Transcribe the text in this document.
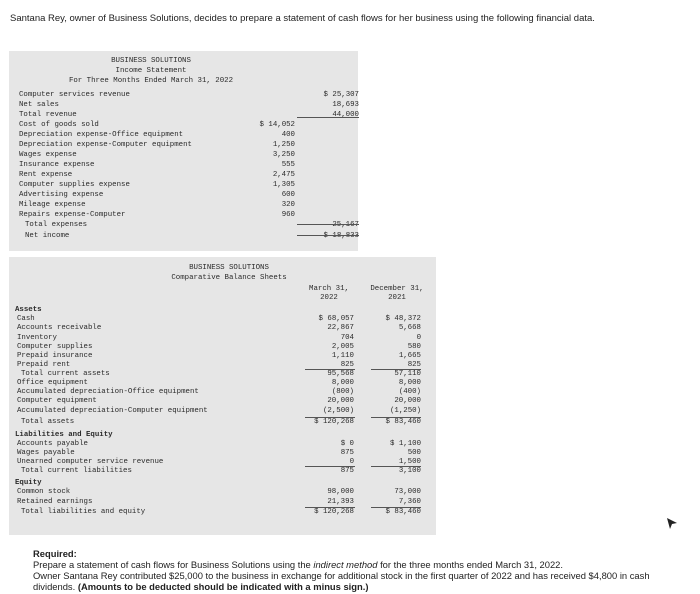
Santana Rey, owner of Business Solutions, decides to prepare a statement of cash flows for her business using the following financial data.
BUSINESS SOLUTIONS
Income Statement
For Three Months Ended March 31, 2022
Computer services revenue	$ 25,307
Net sales	18,693
Total revenue	44,000
Cost of goods sold	$ 14,052
Depreciation expense-Office equipment	400
Depreciation expense-Computer equipment	1,250
Wages expense	3,250
Insurance expense	555
Rent expense	2,475
Computer supplies expense	1,305
Advertising expense	600
Mileage expense	320
Repairs expense-Computer	960
Total expenses	25,167
Net income	$ 18,833
BUSINESS SOLUTIONS
Comparative Balance Sheets
March 31,
2022
December 31,
2021
Assets
Cash	$ 68,057	$ 48,372
Accounts receivable	22,867	5,668
Inventory	704	0
Computer supplies	2,005	580
Prepaid insurance	1,110	1,665
Prepaid rent	825	825
Total current assets	95,568	57,110
Office equipment	8,000	8,000
Accumulated depreciation-Office equipment	(800)	(400)
Computer equipment	20,000	20,000
Accumulated depreciation-Computer equipment	(2,500)	(1,250)
Total assets	$ 120,268	$ 83,460
Liabilities and Equity
Accounts payable	$ 0	$ 1,100
Wages payable	875	500
Unearned computer service revenue	0	1,500
Total current liabilities	875	3,100
Equity
Common stock	98,000	73,000
Retained earnings	21,393	7,360
Total liabilities and equity	$ 120,268	$ 83,460
Required:
Prepare a statement of cash flows for Business Solutions using the indirect method for the three months ended March 31, 2022.
Owner Santana Rey contributed $25,000 to the business in exchange for additional stock in the first quarter of 2022 and has received $4,800 in cash dividends. (Amounts to be deducted should be indicated with a minus sign.)
